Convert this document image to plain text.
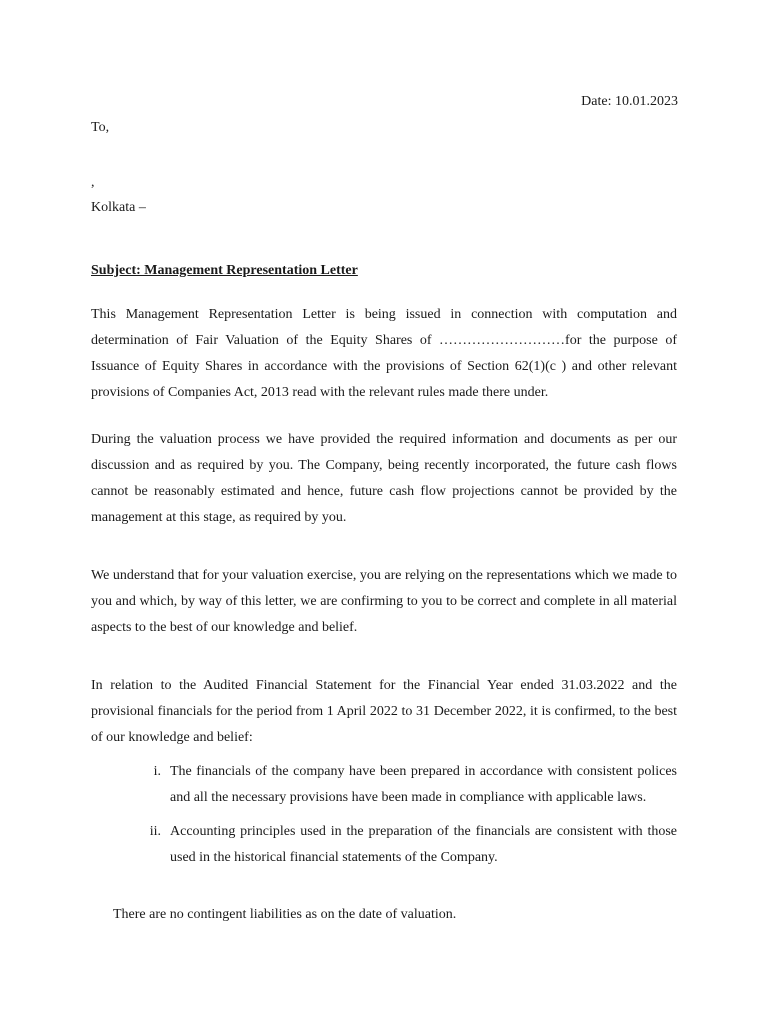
Date: 10.01.2023
To,
,
Kolkata –
Subject: Management Representation Letter
This Management Representation Letter is being issued in connection with computation and determination of Fair Valuation of the Equity Shares of ………………………for the purpose of Issuance of Equity Shares in accordance with the provisions of Section 62(1)(c ) and other relevant provisions of Companies Act, 2013 read with the relevant rules made there under.
During the valuation process we have provided the required information and documents as per our discussion and as required by you. The Company, being recently incorporated, the future cash flows cannot be reasonably estimated and hence, future cash flow projections cannot be provided by the management at this stage, as required by you.
We understand that for your valuation exercise, you are relying on the representations which we made to you and which, by way of this letter, we are confirming to you to be correct and complete in all material aspects to the best of our knowledge and belief.
In relation to the Audited Financial Statement for the Financial Year ended 31.03.2022 and the provisional financials for the period from 1 April 2022 to 31 December 2022, it is confirmed, to the best of our knowledge and belief:
i. The financials of the company have been prepared in accordance with consistent polices and all the necessary provisions have been made in compliance with applicable laws.
ii. Accounting principles used in the preparation of the financials are consistent with those used in the historical financial statements of the Company.
There are no contingent liabilities as on the date of valuation.
